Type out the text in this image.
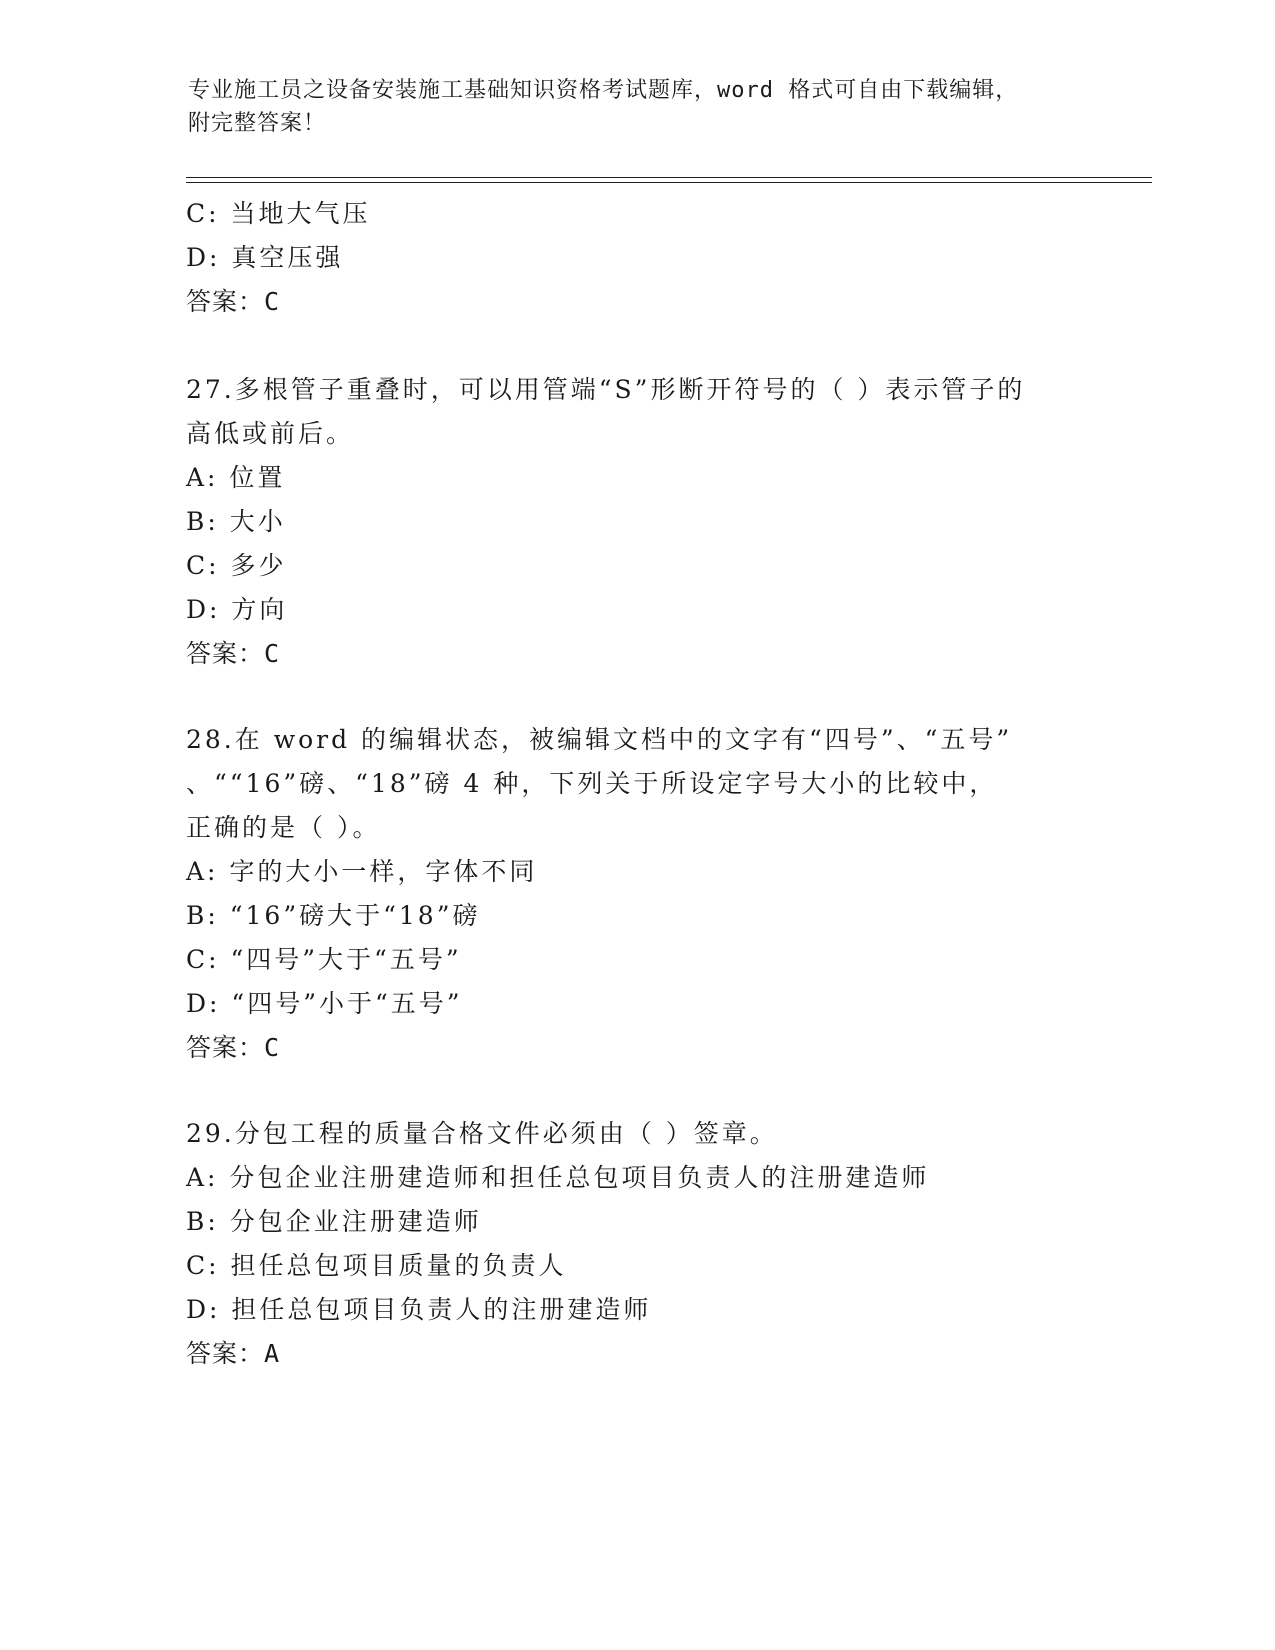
专业施工员之设备安装施工基础知识资格考试题库，word 格式可自由下载编辑，
附完整答案！
C: 当地大气压
D: 真空压强
答案：C
27.多根管子重叠时，可以用管端“S”形断开符号的（ ）表示管子的
高低或前后。
A: 位置
B: 大小
C: 多少
D: 方向
答案：C
28.在 word 的编辑状态，被编辑文档中的文字有“四号”、“五号”
、““16”磅、“18”磅 4 种，下列关于所设定字号大小的比较中，
正确的是（ ）。
A: 字的大小一样，字体不同
B: “16”磅大于“18”磅
C: “四号”大于“五号”
D: “四号”小于“五号”
答案：C
29.分包工程的质量合格文件必须由（ ）签章。
A: 分包企业注册建造师和担任总包项目负责人的注册建造师
B: 分包企业注册建造师
C: 担任总包项目质量的负责人
D: 担任总包项目负责人的注册建造师
答案：A
